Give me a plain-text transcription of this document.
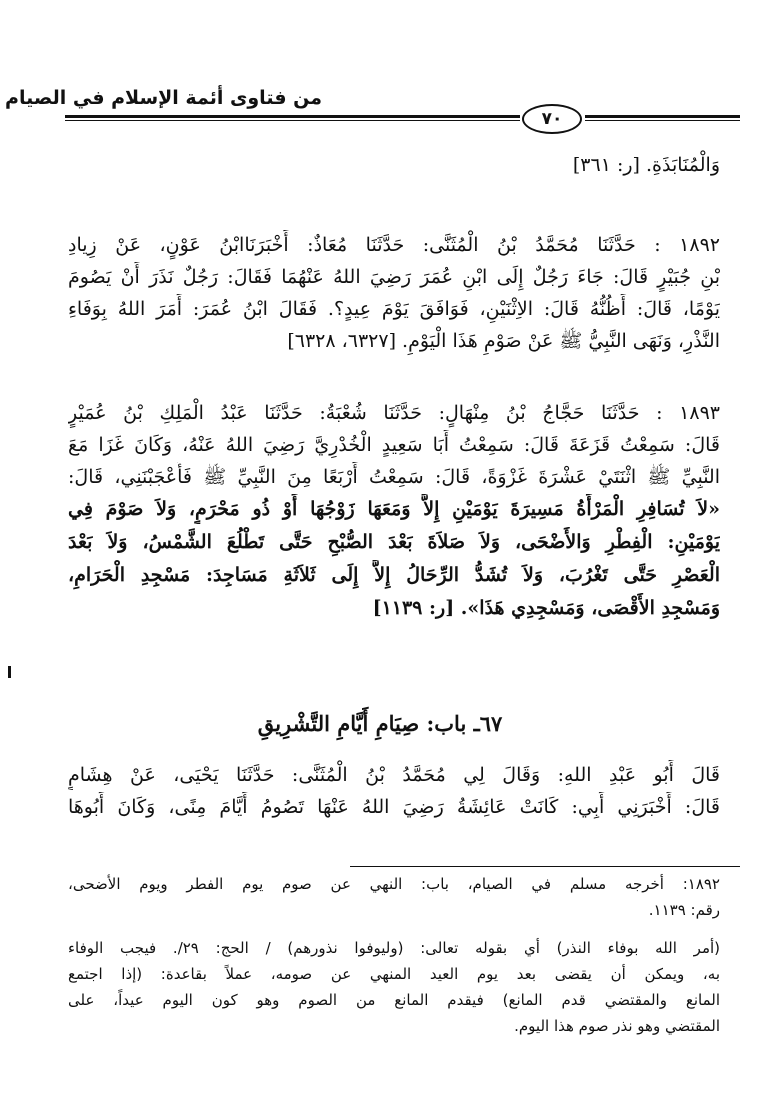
من فتاوى أئمة الإسلام في الصيام
٧٠
وَالْمُنَابَذَةِ. [ر: ٣٦١]
١٨٩٢ : حَدَّثَنَا مُحَمَّدُ بْنُ الْمُثَنَّى: حَدَّثَنَا مُعَاذٌ: أَخْبَرَنَاابْنُ عَوْنٍ، عَنْ زِيادِ
بْنِ جُبَيْرٍ قَالَ: جَاءَ رَجُلٌ إِلَى ابْنِ عُمَرَ رَضِيَ اللهُ عَنْهُمَا فَقَالَ: رَجُلٌ نَذَرَ أَنْ يَصُومَ
يَوْمًا، قَالَ: أَظُنُّهُ قَالَ: الاِثْنَيْنِ، فَوَافَقَ يَوْمَ عِيدٍ؟. فَقَالَ ابْنُ عُمَرَ: أَمَرَ اللهُ بِوَفَاءِ
النَّذْرِ، وَنَهَى النَّبِيُّ ﷺ عَنْ صَوْمِ هَذَا الْيَوْمِ. [٦٣٢٧، ٦٣٢٨]
١٨٩٣ : حَدَّثَنَا حَجَّاجُ بْنُ مِنْهَالٍ: حَدَّثَنَا شُعْبَةُ: حَدَّثَنَا عَبْدُ الْمَلِكِ بْنُ عُمَيْرٍ
قَالَ: سَمِعْتُ قَزَعَةَ قَالَ: سَمِعْتُ أَبَا سَعِيدٍ الْخُدْرِيَّ رَضِيَ اللهُ عَنْهُ، وَكَانَ غَزَا مَعَ
النَّبِيِّ ﷺ اثْنَتَيْ عَشْرَةَ غَزْوَةً، قَالَ: سَمِعْتُ أَرْبَعًا مِنَ النَّبِيِّ ﷺ فَأَعْجَبْنَنِي، قَالَ:
«لاَ تُسَافِرِ الْمَرْأَةُ مَسِيرَةَ يَوْمَيْنِ إِلاَّ وَمَعَهَا زَوْجُهَا أَوْ ذُو مَحْرَمٍ، وَلاَ صَوْمَ فِي
يَوْمَيْنِ: الْفِطْرِ وَالأَضْحَى، وَلاَ صَلاَةَ بَعْدَ الصُّبْحِ حَتَّى تَطْلُعَ الشَّمْسُ، وَلاَ بَعْدَ
الْعَصْرِ حَتَّى تَغْرُبَ، وَلاَ تُشَدُّ الرِّحَالُ إِلاَّ إِلَى ثَلاَثَةِ مَسَاجِدَ: مَسْجِدِ الْحَرَامِ،
وَمَسْجِدِ الأَقْصَى، وَمَسْجِدِي هَذَا». [ر: ١١٣٩]
٦٧ـ باب: صِيَامِ أَيَّامِ التَّشْرِيقِ
قَالَ أَبُو عَبْدِ اللهِ: وَقَالَ لِي مُحَمَّدُ بْنُ الْمُثَنَّى: حَدَّثَنَا يَحْيَى، عَنْ هِشَامٍ
قَالَ: أَخْبَرَنِي أَبِي: كَانَتْ عَائِشَةُ رَضِيَ اللهُ عَنْهَا تَصُومُ أَيَّامَ مِنًى، وَكَانَ أَبُوهَا
١٨٩٢: أخرجه مسلم في الصيام، باب: النهي عن صوم يوم الفطر ويوم الأضحى،
رقم: ١١٣٩.
(أمر الله بوفاء النذر) أي بقوله تعالى: (وليوفوا نذورهم) / الحج: ٢٩/. فيجب الوفاء
به، ويمكن أن يقضى بعد يوم العيد المنهي عن صومه، عملاً بقاعدة: (إذا اجتمع
المانع والمقتضي قدم المانع) فيقدم المانع من الصوم وهو كون اليوم عيداً، على
المقتضي وهو نذر صوم هذا اليوم.
